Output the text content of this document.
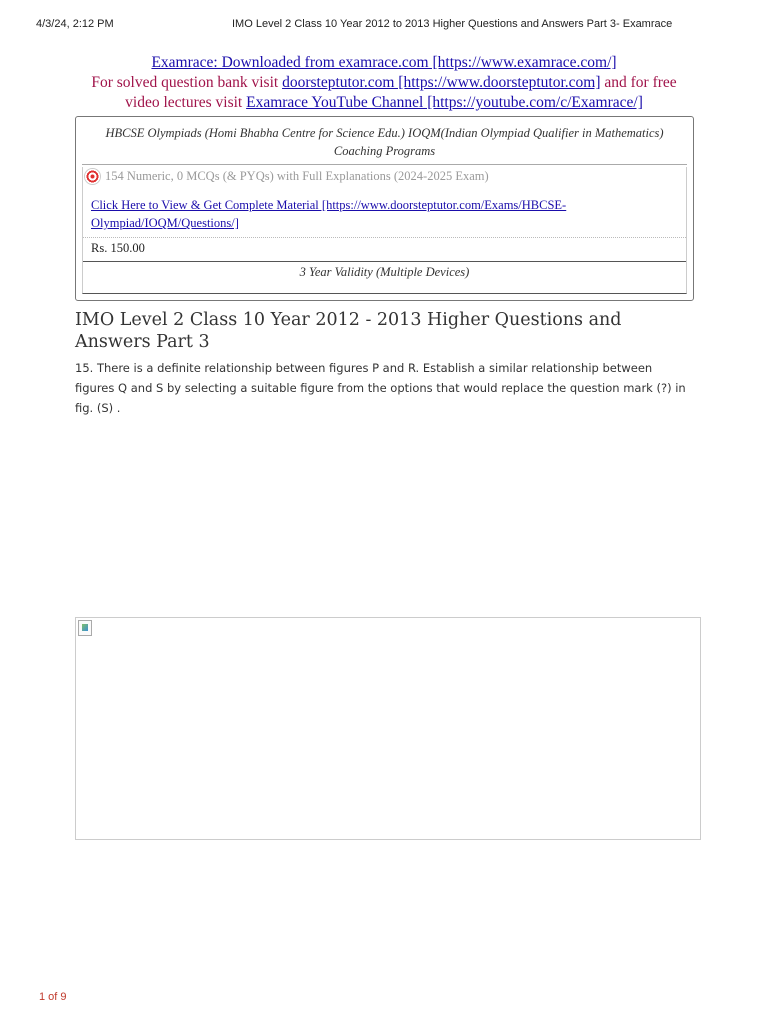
4/3/24, 2:12 PM	IMO Level 2 Class 10 Year 2012 to 2013 Higher Questions and Answers Part 3- Examrace
Examrace: Downloaded from examrace.com [https://www.examrace.com/]
For solved question bank visit doorsteptutor.com [https://www.doorsteptutor.com] and for free
video lectures visit Examrace YouTube Channel [https://youtube.com/c/Examrace/]
HBCSE Olympiads (Homi Bhabha Centre for Science Edu.) IOQM(Indian Olympiad Qualifier in Mathematics) Coaching Programs
154 Numeric, 0 MCQs (& PYQs) with Full Explanations (2024-2025 Exam)
Click Here to View & Get Complete Material [https://www.doorsteptutor.com/Exams/HBCSE-Olympiad/IOQM/Questions/]
Rs. 150.00
3 Year Validity (Multiple Devices)
IMO Level 2 Class 10 Year 2012 - 2013 Higher Questions and Answers Part 3
15. There is a definite relationship between figures P and R. Establish a similar relationship between figures Q and S by selecting a suitable figure from the options that would replace the question mark (?) in fig. (S) .
1 of 9
